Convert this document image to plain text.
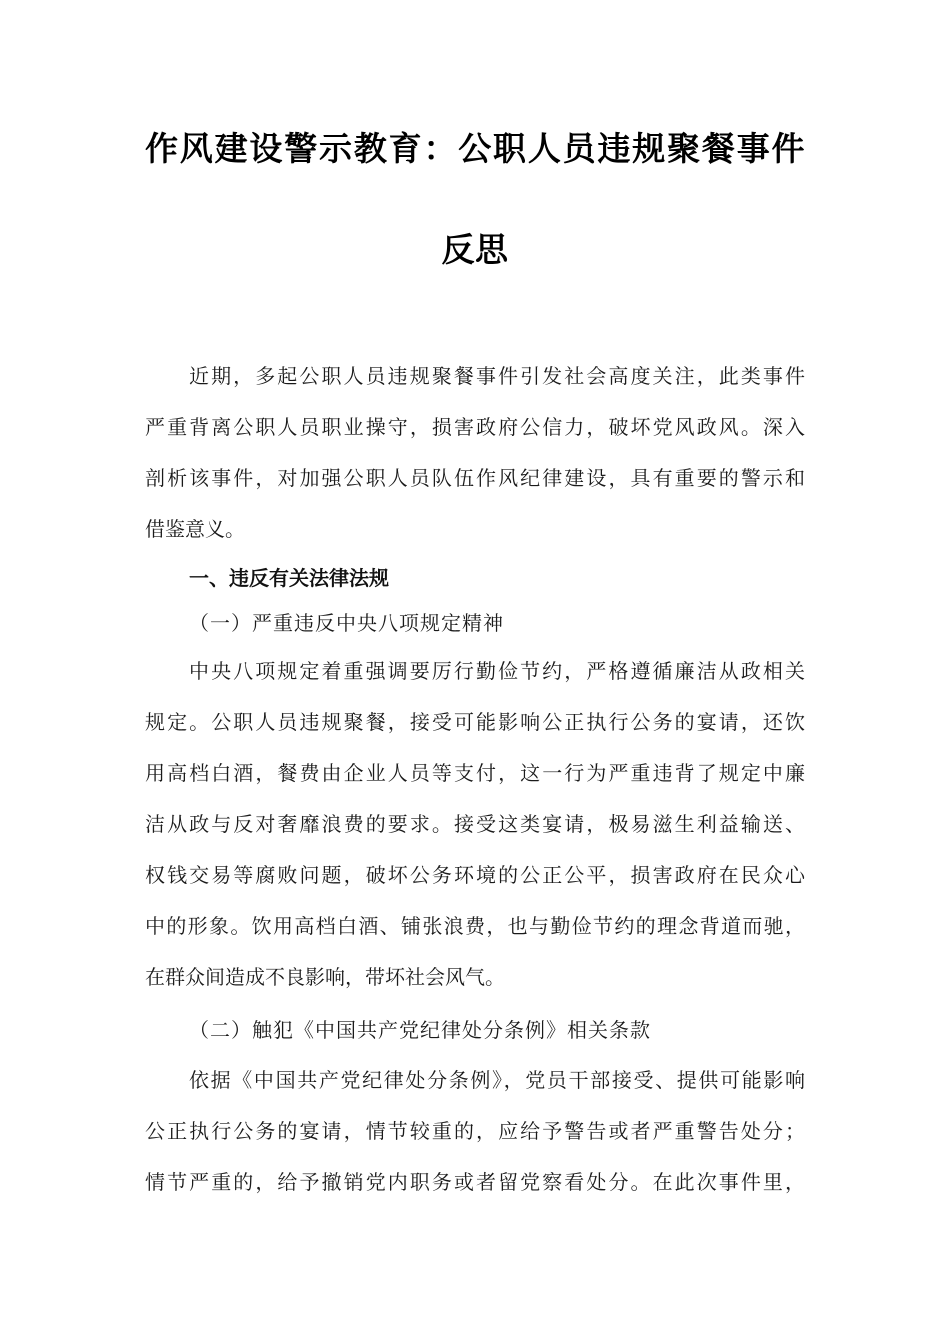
作风建设警示教育：公职人员违规聚餐事件
反思
近期，多起公职人员违规聚餐事件引发社会高度关注，此类事件
严重背离公职人员职业操守，损害政府公信力，破坏党风政风。深入
剖析该事件，对加强公职人员队伍作风纪律建设，具有重要的警示和
借鉴意义。
一、违反有关法律法规
（一）严重违反中央八项规定精神
中央八项规定着重强调要厉行勤俭节约，严格遵循廉洁从政相关
规定。公职人员违规聚餐，接受可能影响公正执行公务的宴请，还饮
用高档白酒，餐费由企业人员等支付，这一行为严重违背了规定中廉
洁从政与反对奢靡浪费的要求。接受这类宴请，极易滋生利益输送、
权钱交易等腐败问题，破坏公务环境的公正公平，损害政府在民众心
中的形象。饮用高档白酒、铺张浪费，也与勤俭节约的理念背道而驰，
在群众间造成不良影响，带坏社会风气。
（二）触犯《中国共产党纪律处分条例》相关条款
依据《中国共产党纪律处分条例》，党员干部接受、提供可能影响
公正执行公务的宴请，情节较重的，应给予警告或者严重警告处分；
情节严重的，给予撤销党内职务或者留党察看处分。在此次事件里，
